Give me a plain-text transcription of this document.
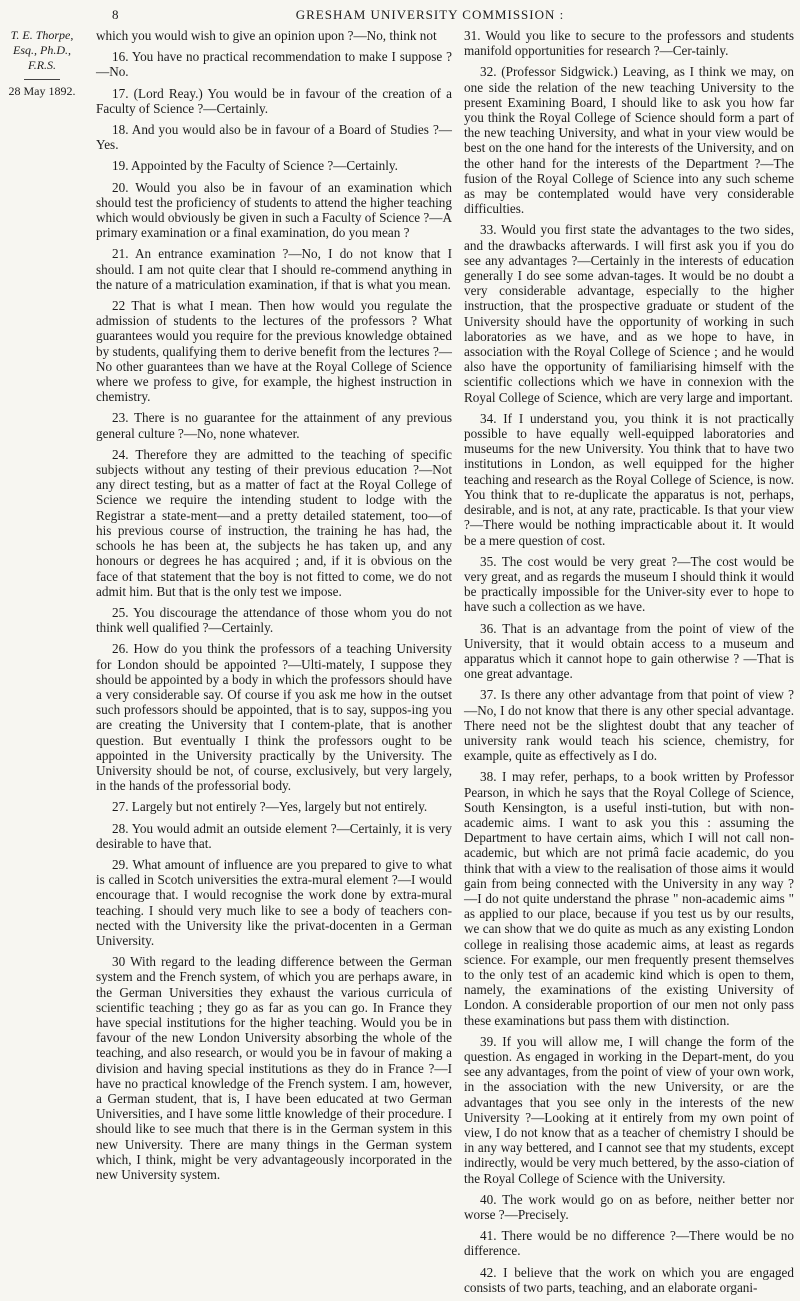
8	GRESHAM UNIVERSITY COMMISSION :
T. E. Thorpe,
Esq., Ph.D.,
F.R.S.
28 May 1892.

which you would wish to give an opinion upon ?—No, think not

16. You have no practical recommendation to make I suppose ?—No.

17. (Lord Reay.) You would be in favour of the creation of a Faculty of Science ?—Certainly.

18. And you would also be in favour of a Board of Studies ?—Yes.

19. Appointed by the Faculty of Science ?—Certainly.

20. Would you also be in favour of an examination which should test the proficiency of students to attend the higher teaching which would obviously be given in such a Faculty of Science ?—A primary examination or a final examination, do you mean ?

21. An entrance examination ?—No, I do not know that I should. I am not quite clear that I should re-commend anything in the nature of a matriculation examination, if that is what you mean.

22 That is what I mean. Then how would you regulate the admission of students to the lectures of the professors ? What guarantees would you require for the previous knowledge obtained by students, qualifying them to derive benefit from the lectures ?—No other guarantees than we have at the Royal College of Science where we profess to give, for example, the highest instruction in chemistry.

23. There is no guarantee for the attainment of any previous general culture ?—No, none whatever.

24. Therefore they are admitted to the teaching of specific subjects without any testing of their previous education ?—Not any direct testing, but as a matter of fact at the Royal College of Science we require the intending student to lodge with the Registrar a state-ment—and a pretty detailed statement, too—of his previous course of instruction, the training he has had, the schools he has been at, the subjects he has taken up, and any honours or degrees he has acquired ; and, if it is obvious on the face of that statement that the boy is not fitted to come, we do not admit him. But that is the only test we impose.

25. You discourage the attendance of those whom you do not think well qualified ?—Certainly.

26. How do you think the professors of a teaching University for London should be appointed ?—Ulti-mately, I suppose they should be appointed by a body in which the professors should have a very considerable say. Of course if you ask me how in the outset such professors should be appointed, that is to say, suppos-ing you are creating the University that I contem-plate, that is another question. But eventually I think the professors ought to be appointed in the University practically by the University. The University should be not, of course, exclusively, but very largely, in the hands of the professorial body.

27. Largely but not entirely ?—Yes, largely but not entirely.

28. You would admit an outside element ?—Certainly, it is very desirable to have that.

29. What amount of influence are you prepared to give to what is called in Scotch universities the extra-mural element ?—I would encourage that. I would recognise the work done by extra-mural teaching. I should very much like to see a body of teachers con-nected with the University like the privat-docenten in a German University.

30 With regard to the leading difference between the German system and the French system, of which you are perhaps aware, in the German Universities they exhaust the various curricula of scientific teaching ; they go as far as you can go. In France they have special institutions for the higher teaching. Would you be in favour of the new London University absorbing the whole of the teaching, and also research, or would you be in favour of making a division and having special institutions as they do in France ?—I have no practical knowledge of the French system. I am, however, a German student, that is, I have been educated at two German Universities, and I have some little knowledge of their procedure. I should like to see much that there is in the German system in this new University. There are many things in the German system which, I think, might be very advantageously incorporated in the new University system.

31. Would you like to secure to the professors and students manifold opportunities for research ?—Cer-tainly.

32. (Professor Sidgwick.) Leaving, as I think we may, on one side the relation of the new teaching University to the present Examining Board, I should like to ask you how far you think the Royal College of Science should form a part of the new teaching University, and what in your view would be best on the one hand for the interests of the University, and on the other hand for the interests of the Department ?—The fusion of the Royal College of Science into any such scheme as may be contemplated would have very considerable difficulties.

33. Would you first state the advantages to the two sides, and the drawbacks afterwards. I will first ask you if you do see any advantages ?—Certainly in the interests of education generally I do see some advan-tages. It would be no doubt a very considerable advantage, especially to the higher instruction, that the prospective graduate or student of the University should have the opportunity of working in such laboratories as we have, and as we hope to have, in association with the Royal College of Science ; and he would also have the opportunity of familiarising himself with the scientific collections which we have in connexion with the Royal College of Science, which are very large and important.

34. If I understand you, you think it is not practically possible to have equally well-equipped laboratories and museums for the new University. You think that to have two institutions in London, as well equipped for the higher teaching and research as the Royal College of Science, is now. You think that to re-duplicate the apparatus is not, perhaps, desirable, and is not, at any rate, practicable. Is that your view ?—There would be nothing impracticable about it. It would be a mere question of cost.

35. The cost would be very great ?—The cost would be very great, and as regards the museum I should think it would be practically impossible for the Univer-sity ever to hope to have such a collection as we have.

36. That is an advantage from the point of view of the University, that it would obtain access to a museum and apparatus which it cannot hope to gain otherwise ? —That is one great advantage.

37. Is there any other advantage from that point of view ?—No, I do not know that there is any other special advantage. There need not be the slightest doubt that any teacher of university rank would teach his science, chemistry, for example, quite as effectively as I do.

38. I may refer, perhaps, to a book written by Professor Pearson, in which he says that the Royal College of Science, South Kensington, is a useful insti-tution, but with non-academic aims. I want to ask you this : assuming the Department to have certain aims, which I will not call non-academic, but which are not primâ facie academic, do you think that with a view to the realisation of those aims it would gain from being connected with the University in any way ? —I do not quite understand the phrase " non-academic aims " as applied to our place, because if you test us by our results, we can show that we do quite as much as any existing London college in realising those academic aims, at least as regards science. For example, our men frequently present themselves to the only test of an academic kind which is open to them, namely, the examinations of the existing University of London. A considerable proportion of our men not only pass these examinations but pass them with distinction.

39. If you will allow me, I will change the form of the question. As engaged in working in the Depart-ment, do you see any advantages, from the point of view of your own work, in the association with the new University, or are the advantages that you see only in the interests of the new University ?—Looking at it entirely from my own point of view, I do not know that as a teacher of chemistry I should be in any way bettered, and I cannot see that my students, except indirectly, would be very much bettered, by the asso-ciation of the Royal College of Science with the University.

40. The work would go on as before, neither better nor worse ?—Precisely.

41. There would be no difference ?—There would be no difference.

42. I believe that the work on which you are engaged consists of two parts, teaching, and an elaborate organi-
